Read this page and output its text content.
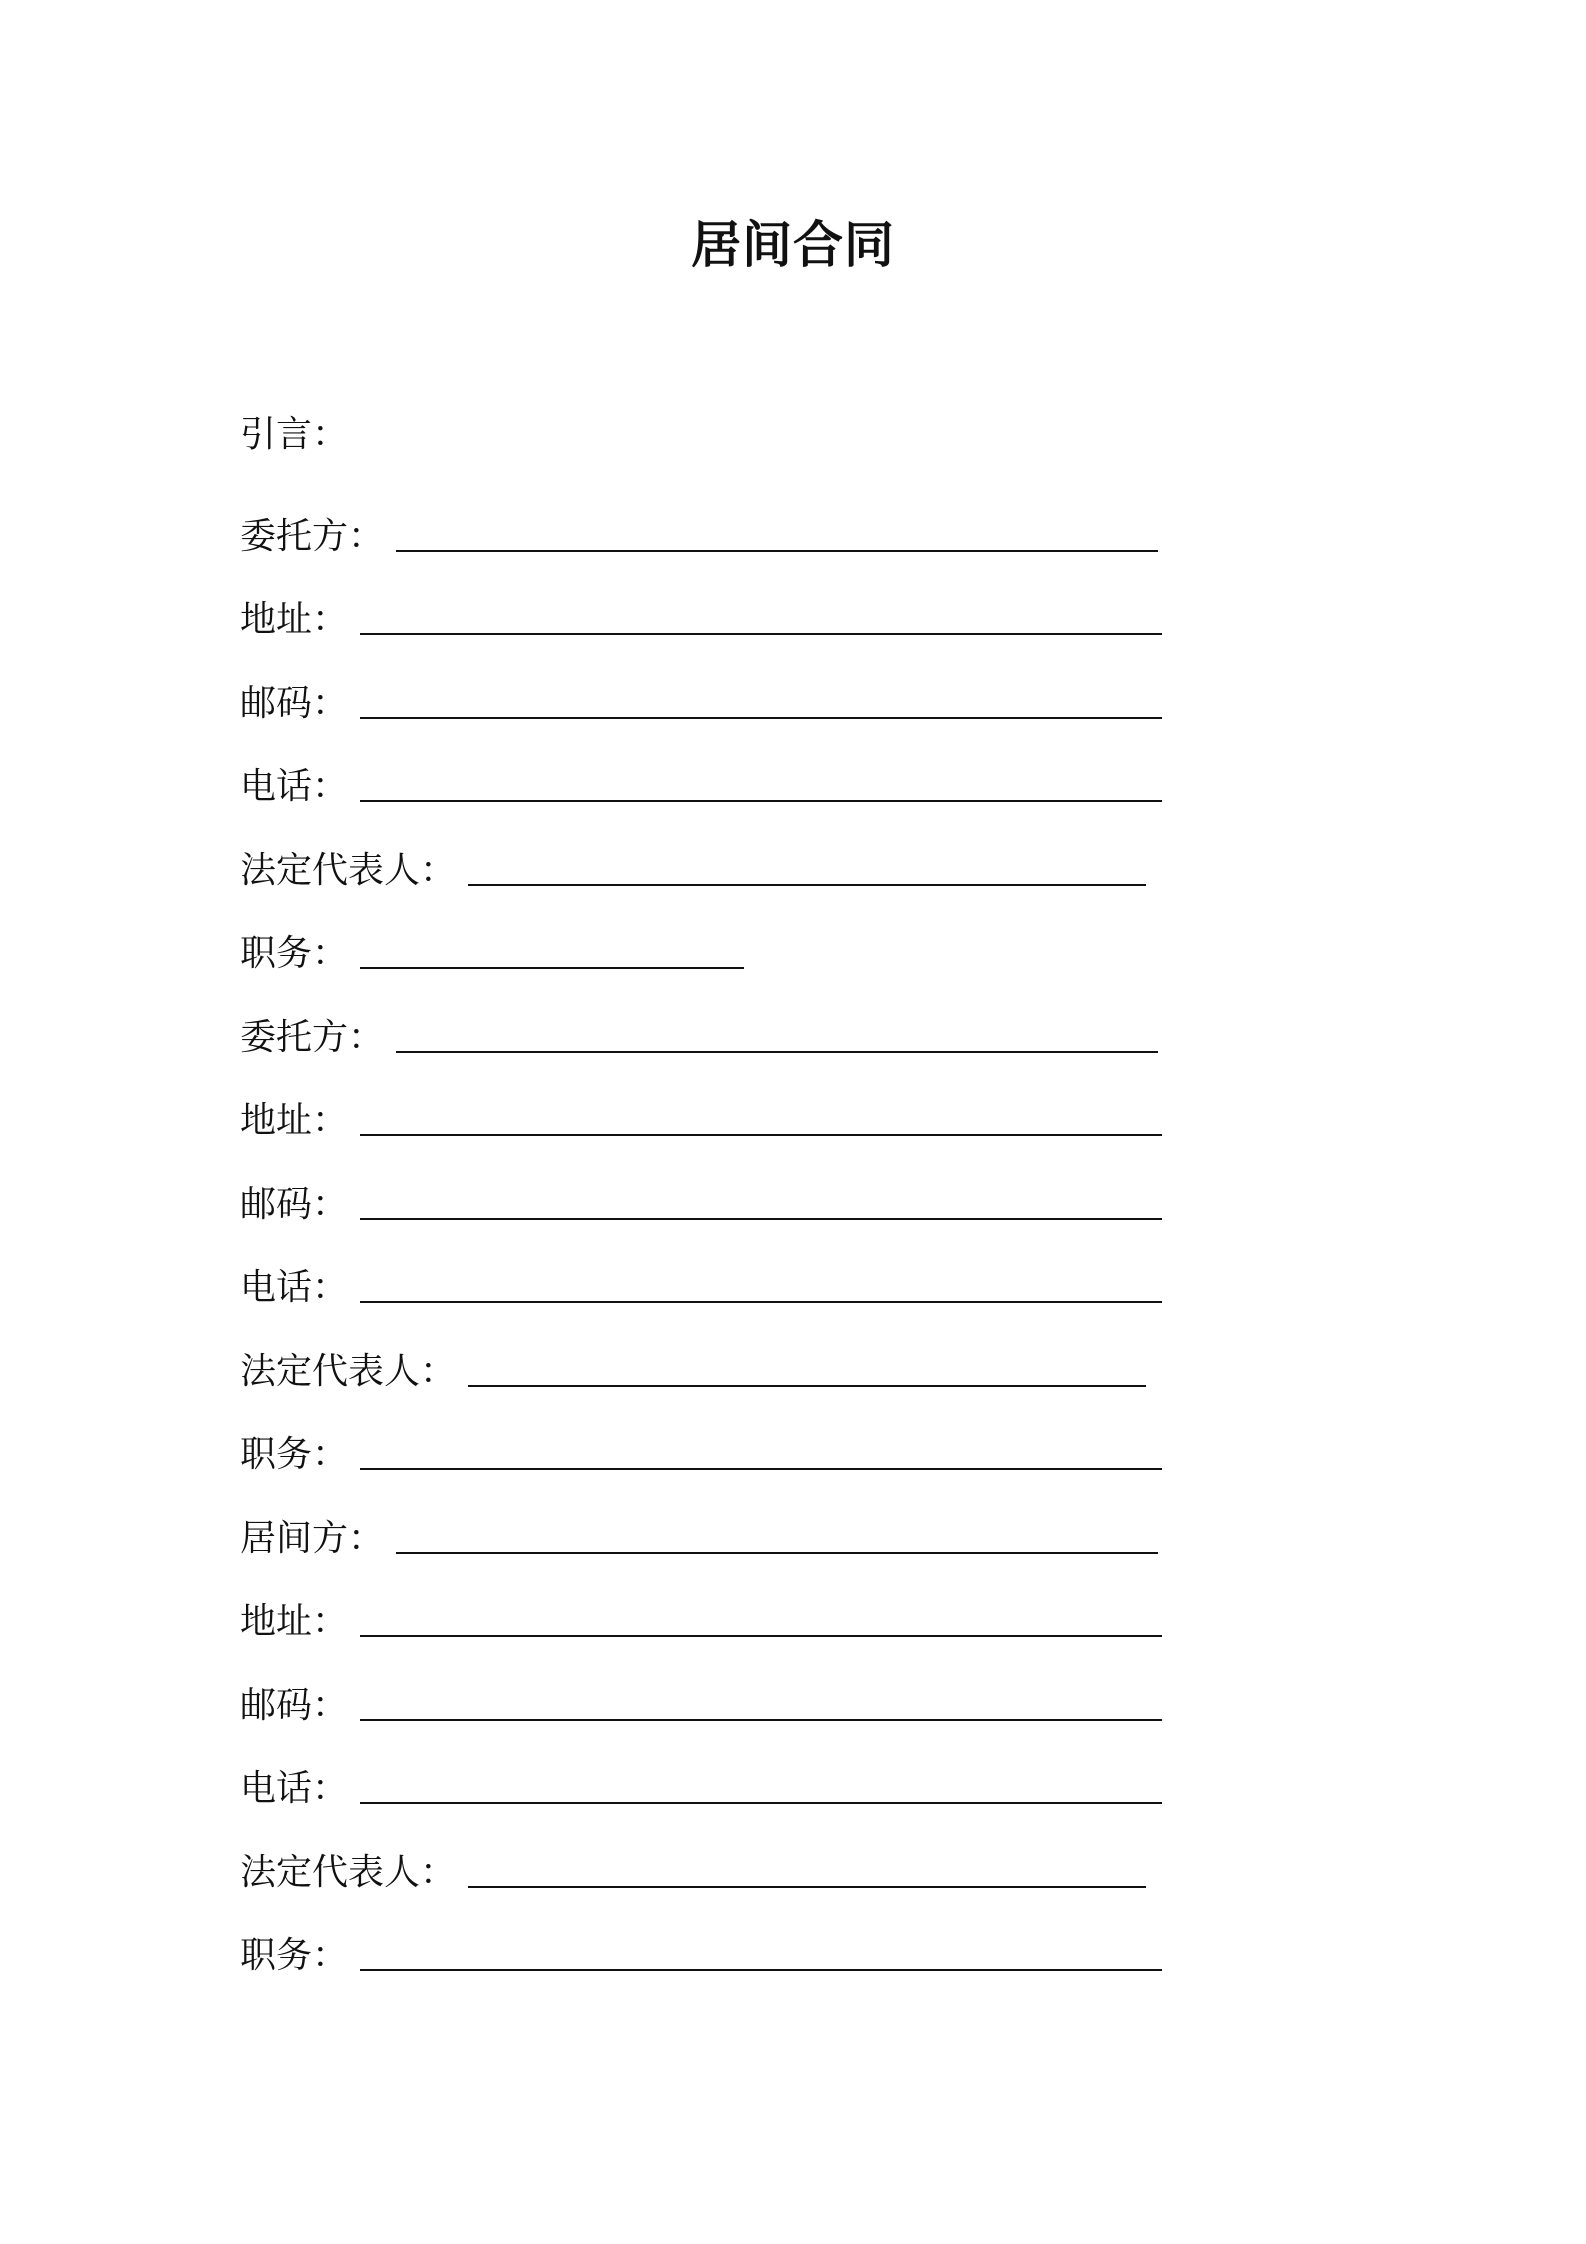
居间合同

引言：

委托方：
地址：
邮码：
电话：
法定代表人：
职务：
委托方：
地址：
邮码：
电话：
法定代表人：
职务：
居间方：
地址：
邮码：
电话：
法定代表人：
职务：
